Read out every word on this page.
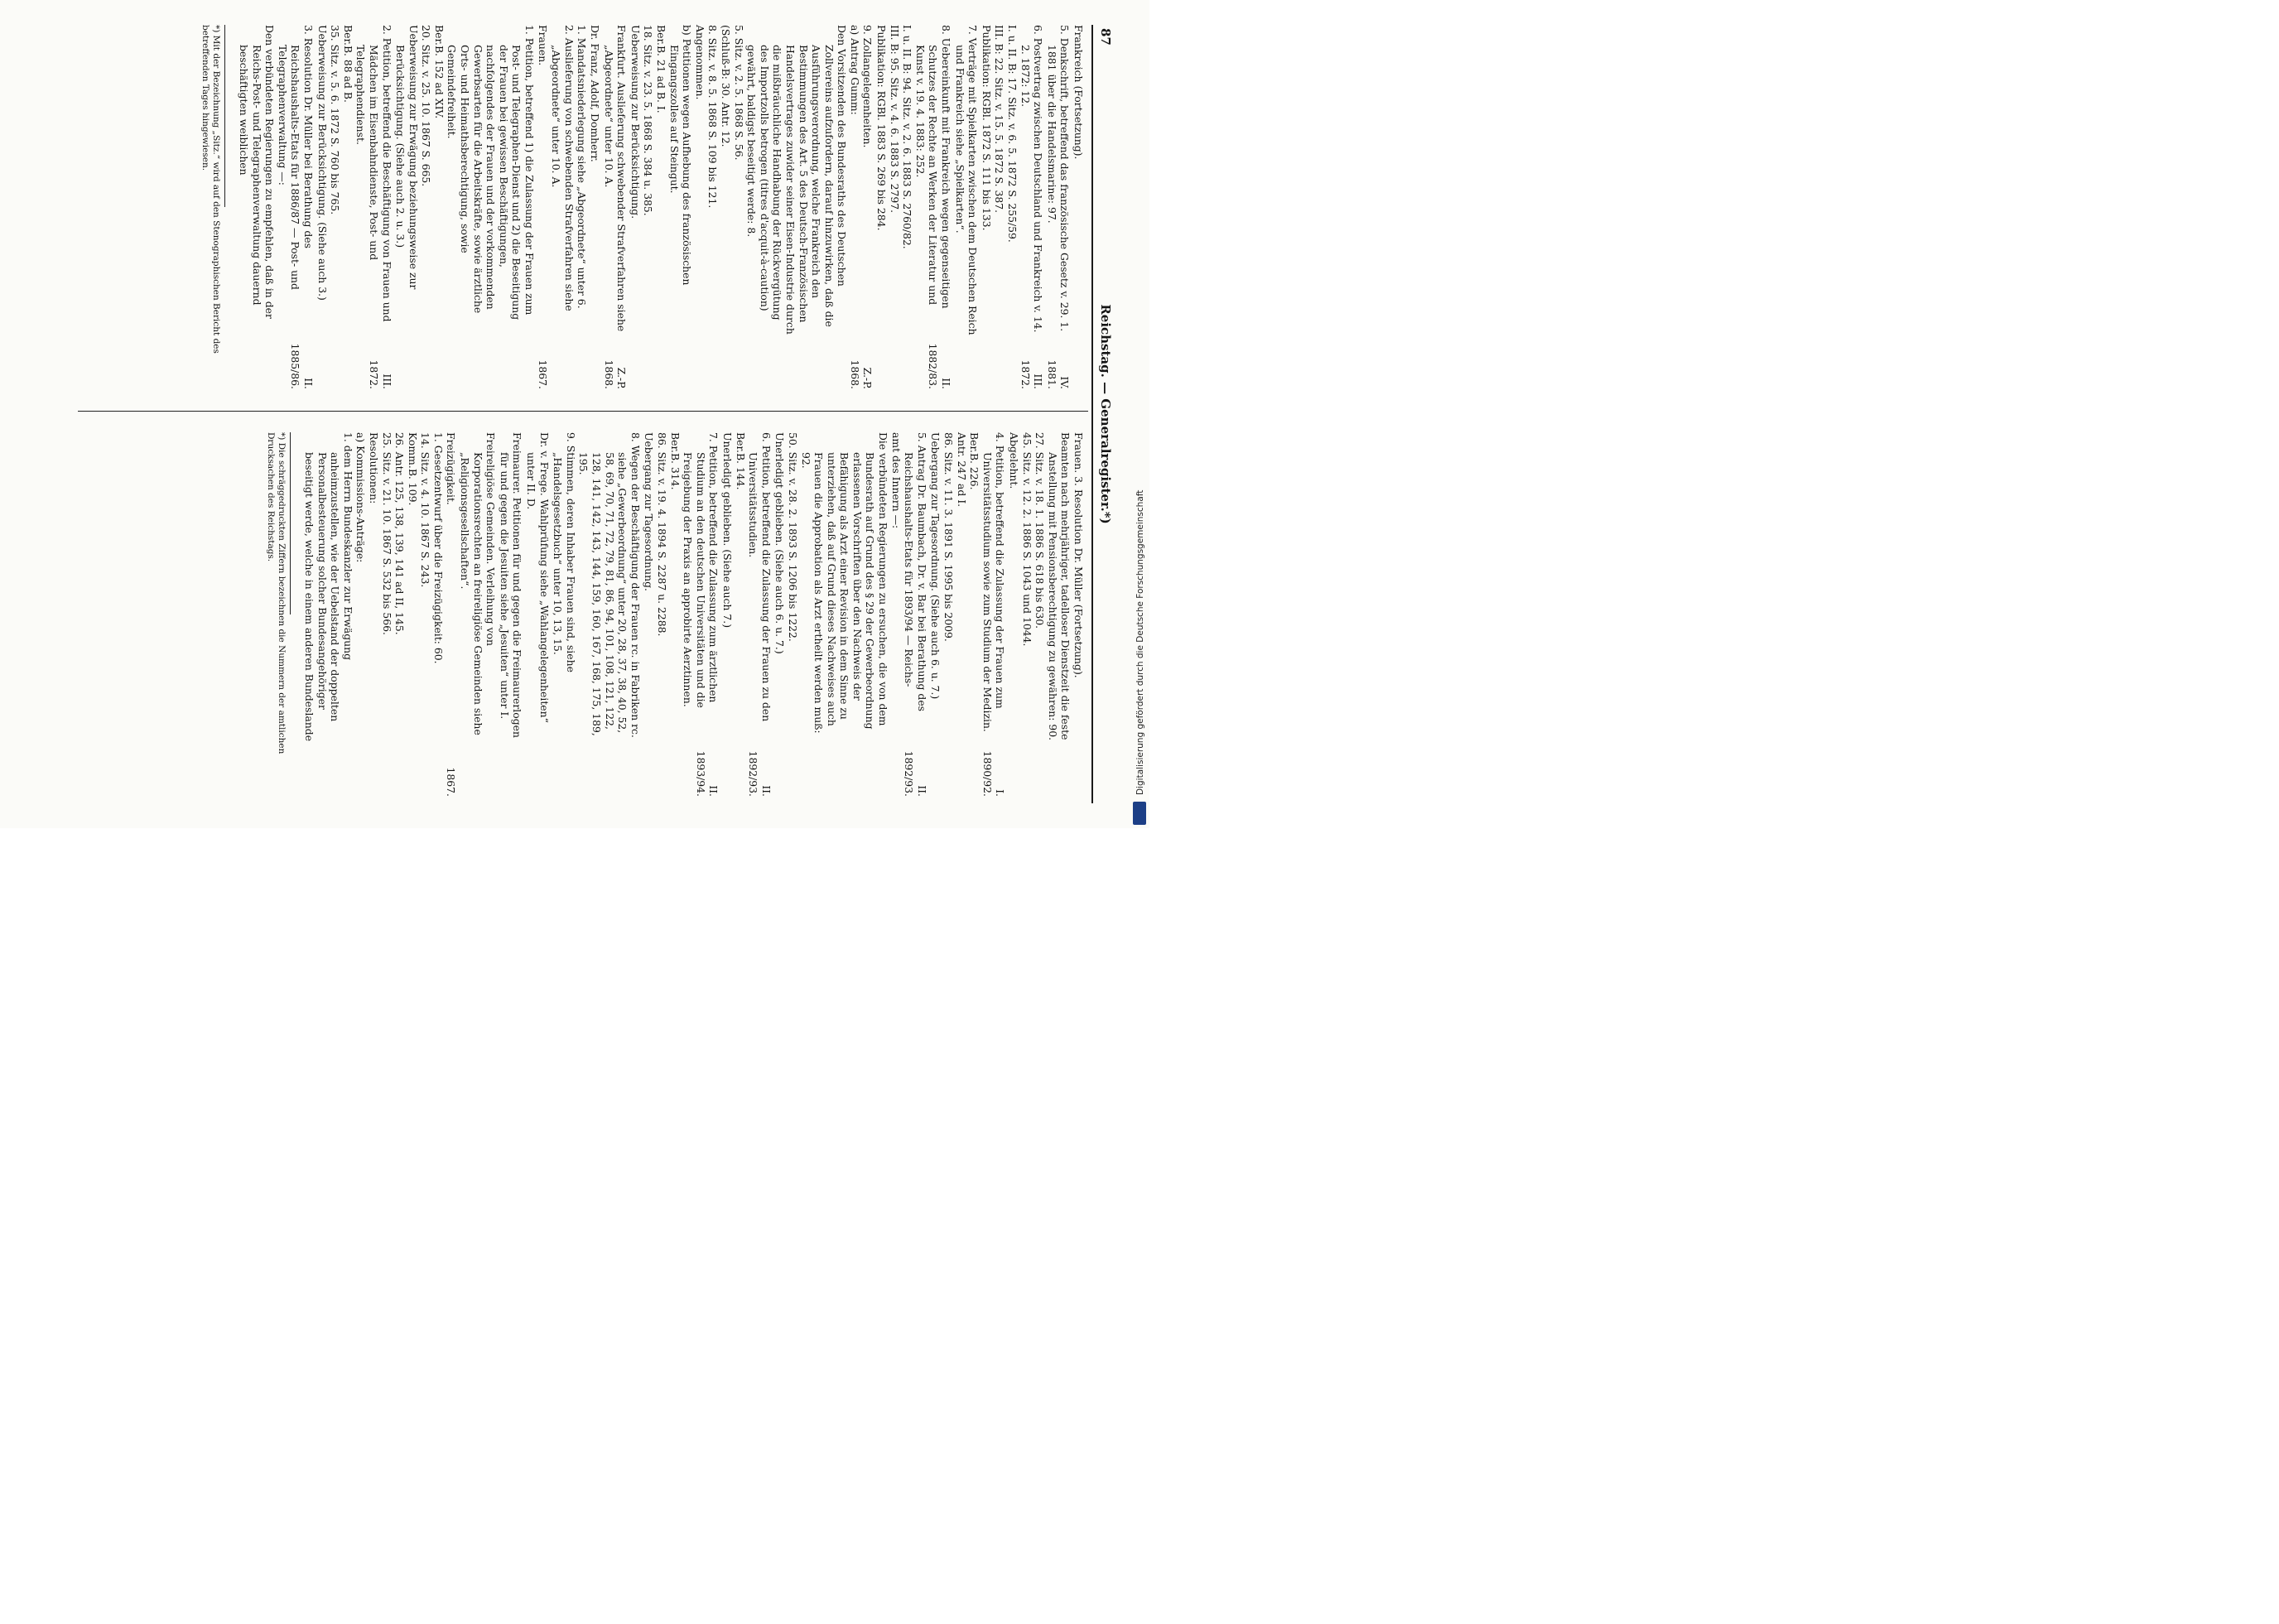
87
Reichstag. — Generalregister.*)
Frankreich (Fortsetzung).
5. Denkschrift, betreffend das französische Gesetz v. 29. 1. 1881 über die Handelsmarine: 97.
IV.
1881.
6. Postvertrag zwischen Deutschland und Frankreich v. 14. 2. 1872: 12.
I. u. II. B: 17. Sitz. v. 6. 5. 1872 S. 255/59.
III. B: 22. Sitz. v. 15. 5. 1872 S. 387.
Publikation: RGBl. 1872 S. 111 bis 133.
III.
1872.
7. Verträge mit Spielkarten zwischen dem Deutschen Reich und Frankreich siehe „Spielkarten“.
8. Uebereinkunft mit Frankreich wegen gegenseitigen Schutzes der Rechte an Werken der Literatur und Kunst v. 19. 4. 1883: 252.
I. u. II. B: 94. Sitz. v. 2. 6. 1883 S. 2760/82.
III. B: 95. Sitz. v. 4. 6. 1883 S. 2797.
Publikation: RGBl. 1883 S. 269 bis 284.
II.
1882/83.
9. Zollangelegenheiten.
a) Antrag Gumm:
Den Vorsitzenden des Bundesraths des Deutschen Zollvereins aufzufordern, darauf hinzuwirken, daß die Ausführungsverordnung, welche Frankreich den Bestimmungen des Art. 5 des Deutsch-Französischen Handelsvertrages zuwider seiner Eisen-Industrie durch die mißbräuchliche Handhabung der Rückvergütung des Importzolls betrogen (titres d'acquit-à-caution) gewährt, baldigst beseitigt werde: 8.
5. Sitz. v. 2. 5. 1868 S. 56.
(Schluß-B: 30. Antr. 12.
8. Sitz. v. 8. 5. 1868 S. 109 bis 121.
Angenommen.
b) Petitionen wegen Aufhebung des französischen Eingangszolles auf Steingut.
Ber.B. 21 ad B. I.
18. Sitz. v. 23. 5. 1868 S. 384 u. 385.
Ueberweisung zur Berücksichtigung.
Z.-P.
1868.
Frankfurt. Auslieferung schwebender Strafverfahren siehe „Abgeordnete“ unter 10. A.
Z.-P.
1868.
Dr. Franz, Adolf, Domherr.
1. Mandatsniederlegung siehe „Abgeordnete“ unter 6.
2. Auslieferung von schwebenden Strafverfahren siehe „Abgeordnete“ unter 10. A.
Frauen.
1. Petition, betreffend 1) die Zulassung der Frauen zum Post- und Telegraphen-Dienst und 2) die Beseitigung der Frauen bei gewissen Beschäftigungen, nachfolgendes der Frauen und der vorkommenden Gewerbsarten für die Arbeitskräfte, sowie ärztliche Orts- und Heimathsberechtigung, sowie Gemeindefreiheit.
Ber.B. 152 ad XIV.
20. Sitz. v. 25. 10. 1867 S. 665.
Ueberweisung zur Erwägung beziehungsweise zur Berücksichtigung. (Siehe auch 2. u. 3.)
1867.
2. Petition, betreffend die Beschäftigung von Frauen und Mädchen im Eisenbahndienste, Post- und Telegraphendienst.
Ber.B. 88 ad B.
35. Sitz. v. 5. 6. 1872 S. 760 bis 765.
Ueberweisung zur Berücksichtigung. (Siehe auch 3.)
III.
1872.
3. Resolution Dr. Müller bei Berathung des Reichshaushalts-Etats für 1886/87 — Post- und Telegraphenverwaltung —:
Den verbündeten Regierungen zu empfehlen, daß in der Reichs-Post- und Telegraphenverwaltung dauernd beschäftigten weiblichen
II.
1885/86.
*) Mit der Bezeichnung „Sitz.“ wird auf den Stenographischen Bericht des betreffenden Tages hingewiesen.
Frauen. 3. Resolution Dr. Müller (Fortsetzung).
Beamten nach mehrjähriger, tadelloser Dienstzeit die feste Anstellung mit Pensionsberechtigung zu gewähren: 90.
27. Sitz. v. 18. 1. 1886 S. 618 bis 630.
45. Sitz. v. 12. 2. 1886 S. 1043 und 1044.
Abgelehnt.
4. Petition, betreffend die Zulassung der Frauen zum Universitätsstudium sowie zum Studium der Medizin.
Ber.B. 226.
Antr. 247 ad I.
86. Sitz. v. 11. 3. 1891 S. 1995 bis 2009.
Uebergang zur Tagesordnung. (Siehe auch 6. u. 7.)
I.
1890/92.
5. Antrag Dr. Baumbach, Dr. v. Bar bei Berathung des Reichshaushalts-Etats für 1893/94 — Reichs-
amt des Innern —:
Die verbündeten Regierungen zu ersuchen, die von dem Bundesrath auf Grund des § 29 der Gewerbeordnung erlassenen Vorschriften über den Nachweis der Befähigung als Arzt einer Revision in dem Sinne zu unterziehen, daß auf Grund dieses Nachweises auch Frauen die Approbation als Arzt ertheilt werden muß: 92.
50. Sitz. v. 28. 2. 1893 S. 1206 bis 1222.
Unerledigt geblieben. (Siehe auch 6. u. 7.)
II.
1892/93.
6. Petition, betreffend die Zulassung der Frauen zu den Universitätsstudien.
Ber.B. 144.
Unerledigt geblieben. (Siehe auch 7.)
II.
1892/93.
7. Petition, betreffend die Zulassung zum ärztlichen Studium an den deutschen Universitäten und die Freigebung der Praxis an approbirte Aerztinnen.
Ber.B. 314.
86. Sitz. v. 19. 4. 1894 S. 2287 u. 2288.
Uebergang zur Tagesordnung.
II.
1893/94.
8. Wegen der Beschäftigung der Frauen rc. in Fabriken rc. siehe „Gewerbeordnung“ unter 20, 28, 37, 38, 40, 52, 58, 69, 70, 71, 72, 79, 81, 86, 94, 101, 108, 121, 122, 128, 141, 142, 143, 144, 159, 160, 167, 168, 175, 189, 195.
9. Stimmen, deren Inhaber Frauen sind, siehe „Handelsgesetzbuch“ unter 10, 13, 15.
Dr. v. Frege. Wahlprüfung siehe „Wahlangelegenheiten“ unter II. D.
Freimaurer. Petitionen für und gegen die Freimaurerlogen für und gegen die Jesuiten siehe „Jesuiten“ unter I.
Freireligiöse Gemeinden. Verleihung von Korporationsrechten an freireligiöse Gemeinden siehe „Religionsgesellschaften“.
Freizügigkeit.
1. Gesetzentwurf über die Freizügigkeit: 60.
14. Sitz. v. 4. 10. 1867 S. 243.
Komm.B. 109.
26. Antr. 125, 138, 139, 141 ad II, 145.
25. Sitz. v. 21. 10. 1867 S. 532 bis 566.
Resolutionen:
a) Kommissions-Anträge:
1. dem Herrn Bundeskanzler zur Erwägung anheimzustellen, wie der Uebelstand der doppelten Personalbesteuerung solcher Bundesangehöriger beseitigt werde, welche in einem anderen Bundeslande
1867.
*) Die schräggedruckten Ziffern bezeichnen die Nummern der amtlichen Drucksachen des Reichstags.	Digitalisierung gefördert durch die Deutsche Forschungsgemeinschaft
DFG
